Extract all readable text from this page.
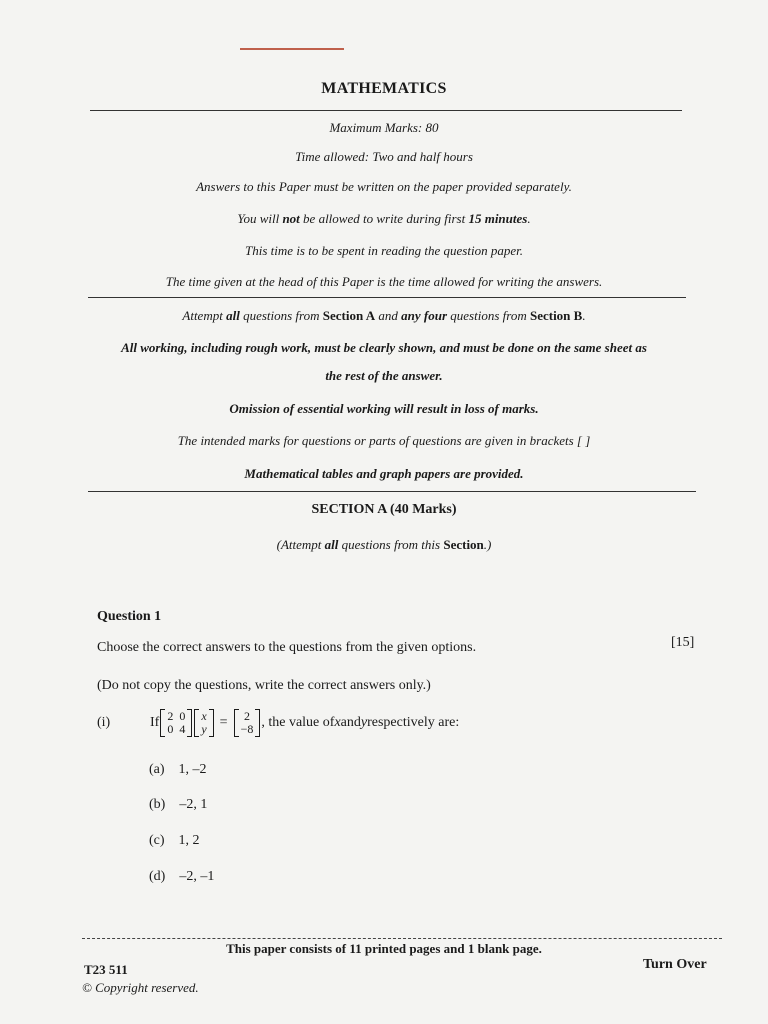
MATHEMATICS
Maximum Marks: 80
Time allowed: Two and half hours
Answers to this Paper must be written on the paper provided separately.
You will not be allowed to write during first 15 minutes.
This time is to be spent in reading the question paper.
The time given at the head of this Paper is the time allowed for writing the answers.
Attempt all questions from Section A and any four questions from Section B.
All working, including rough work, must be clearly shown, and must be done on the same sheet as
the rest of the answer.
Omission of essential working will result in loss of marks.
The intended marks for questions or parts of questions are given in brackets [ ]
Mathematical tables and graph papers are provided.
SECTION A (40 Marks)
(Attempt all questions from this Section.)
Question 1
Choose the correct answers to the questions from the given options.	[15]
(Do not copy the questions, write the correct answers only.)
(i)	If 2 0
0 4
x
y = 2
−8 , the value of x and y respectively are:
(a) 1, –2
(b) –2, 1
(c) 1, 2
(d) –2, –1
This paper consists of 11 printed pages and 1 blank page.
T23 511
© Copyright reserved.
Turn Over
